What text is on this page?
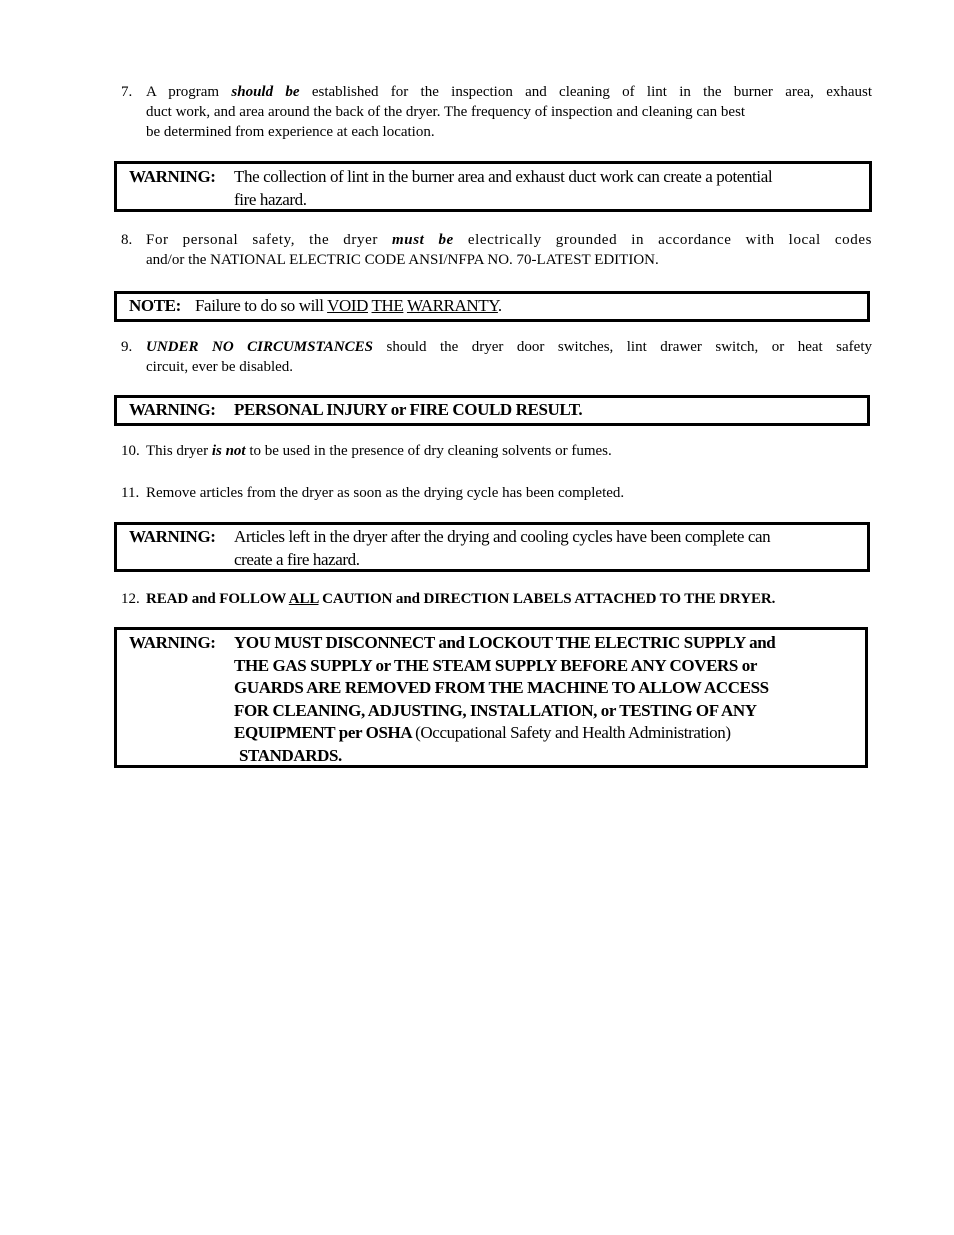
7. A program should be established for the inspection and cleaning of lint in the burner area, exhaust
duct work, and area around the back of the dryer. The frequency of inspection and cleaning can best
be determined from experience at each location.
WARNING: The collection of lint in the burner area and exhaust duct work can create a potential
fire hazard.
8. For personal safety, the dryer must be electrically grounded in accordance with local codes
and/or the NATIONAL ELECTRIC CODE ANSI/NFPA NO. 70-LATEST EDITION.
NOTE: Failure to do so will VOID THE WARRANTY.
9. UNDER NO CIRCUMSTANCES should the dryer door switches, lint drawer switch, or heat safety
circuit, ever be disabled.
WARNING: PERSONAL INJURY or FIRE COULD RESULT.
10. This dryer is not to be used in the presence of dry cleaning solvents or fumes.
11. Remove articles from the dryer as soon as the drying cycle has been completed.
WARNING: Articles left in the dryer after the drying and cooling cycles have been complete can
create a fire hazard.
12. READ and FOLLOW ALL CAUTION and DIRECTION LABELS ATTACHED TO THE DRYER.
WARNING: YOU MUST DISCONNECT and LOCKOUT THE ELECTRIC SUPPLY and
THE GAS SUPPLY or THE STEAM SUPPLY BEFORE ANY COVERS or
GUARDS ARE REMOVED FROM THE MACHINE TO ALLOW ACCESS
FOR CLEANING, ADJUSTING, INSTALLATION, or TESTING OF ANY
EQUIPMENT per OSHA (Occupational Safety and Health Administration)
STANDARDS.
